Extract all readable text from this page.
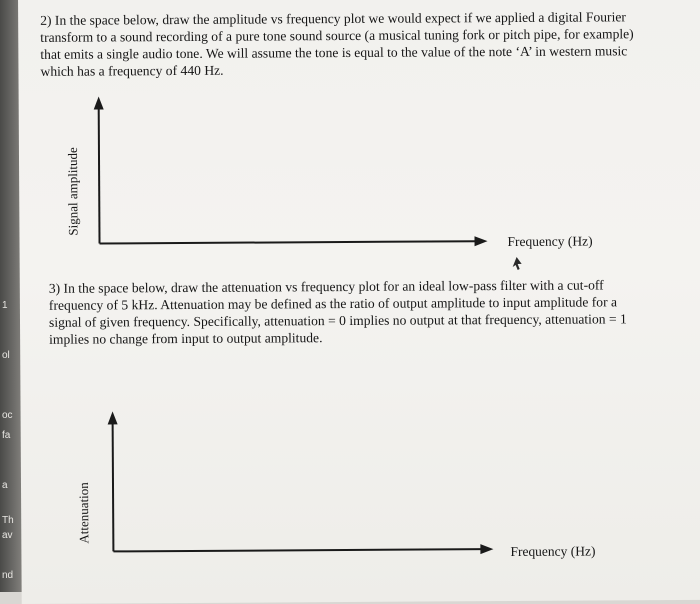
1
ol
oc
fa
a
Th
av
nd

2) In the space below, draw the amplitude vs frequency plot we would expect if we applied a digital Fourier transform to a sound recording of a pure tone sound source (a musical tuning fork or pitch pipe, for example) that emits a single audio tone. We will assume the tone is equal to the value of the note ‘A’ in western music which has a frequency of 440 Hz.

Signal amplitude
Frequency (Hz)

3) In the space below, draw the attenuation vs frequency plot for an ideal low-pass filter with a cut-off frequency of 5 kHz. Attenuation may be defined as the ratio of output amplitude to input amplitude for a signal of given frequency. Specifically, attenuation = 0 implies no output at that frequency, attenuation = 1 implies no change from input to output amplitude.

Attenuation
Frequency (Hz)
